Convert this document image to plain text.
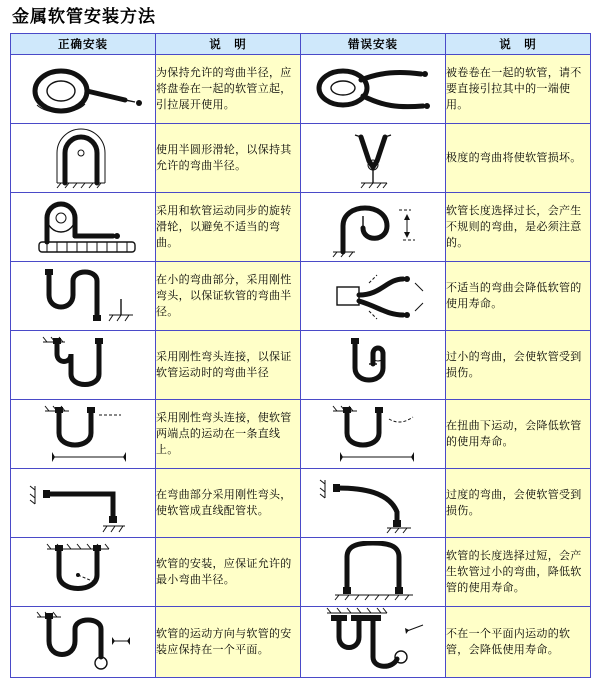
金属软管安装方法
正确安装	说　明	错误安装	说　明

为保持允许的弯曲半径，应将盘卷在一起的软管立起，引拉展开使用。		被卷卷在一起的软管，请不要直接引拉其中的一端使用。

使用半圆形滑轮，以保持其允许的弯曲半径。		极度的弯曲将使软管损坏。

采用和软管运动同步的旋转滑轮，以避免不适当的弯曲。		软管长度选择过长，会产生不规则的弯曲，是必须注意的。

在小的弯曲部分，采用刚性弯头，以保证软管的弯曲半径。		不适当的弯曲会降低软管的使用寿命。

采用刚性弯头连接，以保证软管运动时的弯曲半径		过小的弯曲，会使软管受到损伤。

采用刚性弯头连接，使软管两端点的运动在一条直线上。		在扭曲下运动，会降低软管的使用寿命。

在弯曲部分采用刚性弯头，使软管成直线配管状。		过度的弯曲，会使软管受到损伤。

软管的安装，应保证允许的最小弯曲半径。		软管的长度选择过短，会产生软管过小的弯曲，降低软管的使用寿命。

软管的运动方向与软管的安装应保持在一个平面。		不在一个平面内运动的软管，会降低使用寿命。
